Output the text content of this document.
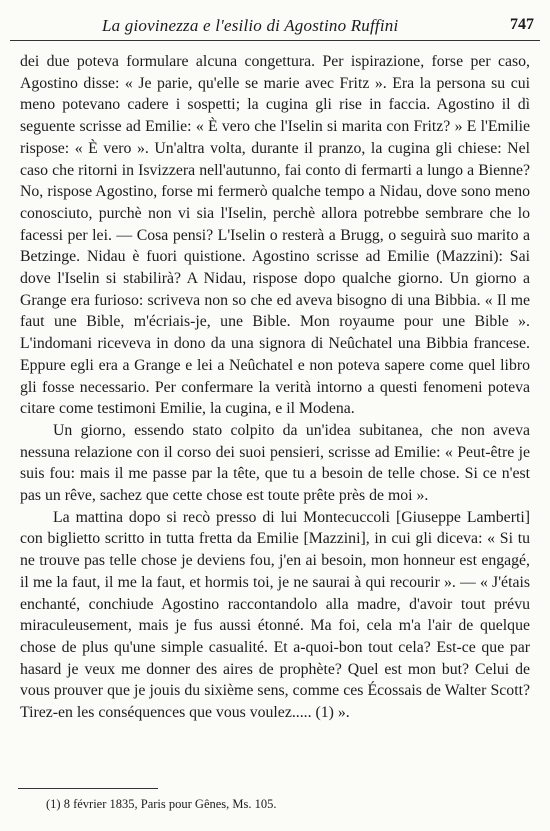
La giovinezza e l'esilio di Agostino Ruffini	747

dei due poteva formulare alcuna congettura. Per ispirazione, forse per caso, Agostino disse: « Je parie, qu'elle se marie avec Fritz ». Era la persona su cui meno potevano cadere i sospetti; la cugina gli rise in faccia. Agostino il dì seguente scrisse ad Emilie: « È vero che l'Iselin si marita con Fritz? » E l'Emilie rispose: « È vero ». Un'altra volta, durante il pranzo, la cugina gli chiese: Nel caso che ritorni in Isvizzera nell'autunno, fai conto di fermarti a lungo a Bienne? No, rispose Agostino, forse mi fermerò qualche tempo a Nidau, dove sono meno conosciuto, purchè non vi sia l'Iselin, perchè allora potrebbe sembrare che lo facessi per lei. — Cosa pensi? L'Iselin o resterà a Brugg, o seguirà suo marito a Betzinge. Nidau è fuori quistione. Agostino scrisse ad Emilie (Mazzini): Sai dove l'Iselin si stabilirà? A Nidau, rispose dopo qualche giorno. Un giorno a Grange era furioso: scriveva non so che ed aveva bisogno di una Bibbia. « Il me faut une Bible, m'écriais-je, une Bible. Mon royaume pour une Bible ». L'indomani riceveva in dono da una signora di Neûchatel una Bibbia francese. Eppure egli era a Grange e lei a Neûchatel e non poteva sapere come quel libro gli fosse necessario. Per confermare la verità intorno a questi fenomeni poteva citare come testimoni Emilie, la cugina, e il Modena.

Un giorno, essendo stato colpito da un'idea subitanea, che non aveva nessuna relazione con il corso dei suoi pensieri, scrisse ad Emilie: « Peut-être je suis fou: mais il me passe par la tête, que tu a besoin de telle chose. Si ce n'est pas un rêve, sachez que cette chose est toute prête près de moi ».

La mattina dopo si recò presso di lui Montecuccoli [Giuseppe Lamberti] con biglietto scritto in tutta fretta da Emilie [Mazzini], in cui gli diceva: « Si tu ne trouve pas telle chose je deviens fou, j'en ai besoin, mon honneur est engagé, il me la faut, il me la faut, et hormis toi, je ne saurai à qui recourir ». — « J'étais enchanté, conchiude Agostino raccontandolo alla madre, d'avoir tout prévu miraculeusement, mais je fus aussi étonné. Ma foi, cela m'a l'air de quelque chose de plus qu'une simple casualité. Et a-quoi-bon tout cela? Est-ce que par hasard je veux me donner des aires de prophète? Quel est mon but? Celui de vous prouver que je jouis du sixième sens, comme ces Écossais de Walter Scott? Tirez-en les conséquences que vous voulez..... (1) ».

(1) 8 février 1835, Paris pour Gênes, Ms. 105.
